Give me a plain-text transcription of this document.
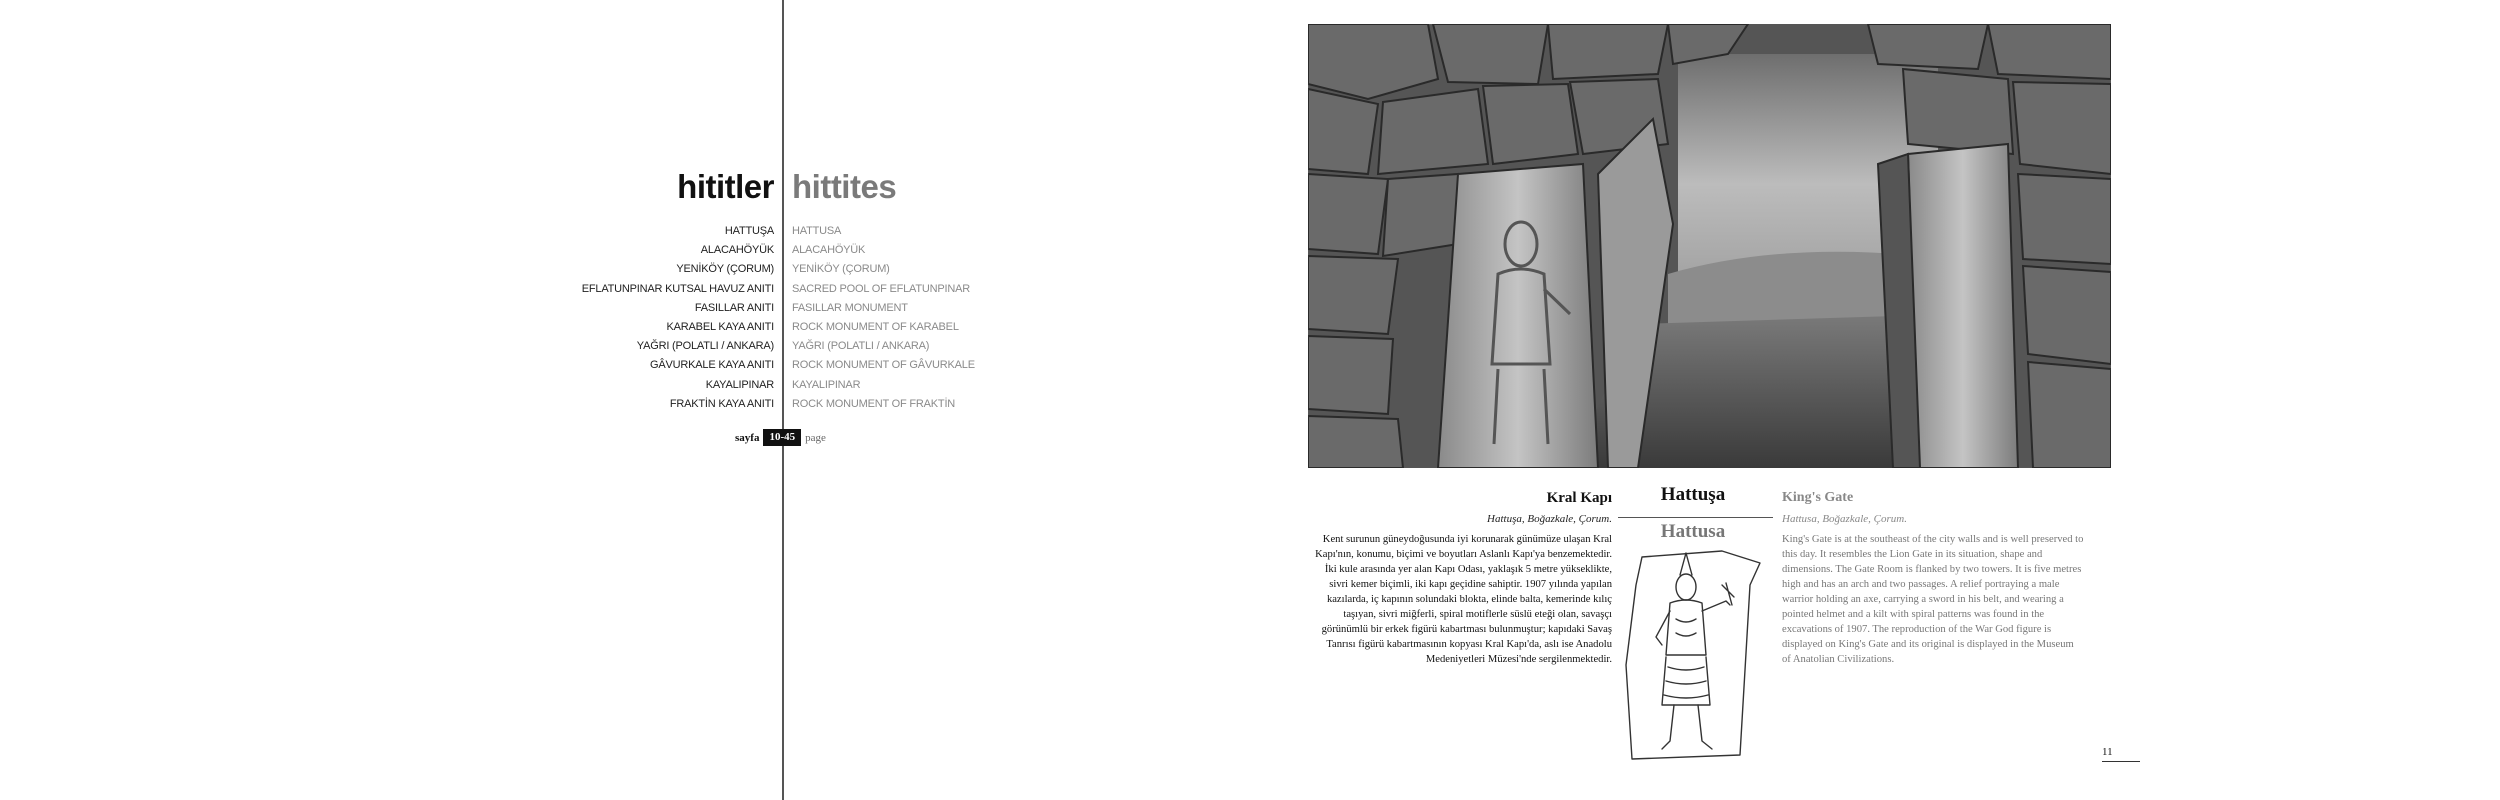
hititler hittites
HATTUŞA
ALACAHÖYÜK
YENİKÖY (ÇORUM)
EFLATUNPINAR KUTSAL HAVUZ ANITI
FASILLAR ANITI
KARABEL KAYA ANITI
YAĞRI (POLATLI / ANKARA)
GÂVURKALE KAYA ANITI
KAYALIPINAR
FRAKTİN KAYA ANITI
HATTUSA
ALACAHÖYÜK
YENİKÖY (ÇORUM)
SACRED POOL OF EFLATUNPINAR
FASILLAR MONUMENT
ROCK MONUMENT OF KARABEL
YAĞRI (POLATLI / ANKARA)
ROCK MONUMENT OF GÂVURKALE
KAYALIPINAR
ROCK MONUMENT OF FRAKTİN
sayfa 10-45 page
Kral Kapı
Hattuşa, Boğazkale, Çorum.

Kent surunun güneydoğusunda iyi korunarak günümüze ulaşan Kral Kapı'nın, konumu, biçimi ve boyutları Aslanlı Kapı'ya benzemektedir. İki kule arasında yer alan Kapı Odası, yaklaşık 5 metre yükseklikte, sivri kemer biçimli, iki kapı geçidine sahiptir. 1907 yılında yapılan kazılarda, iç kapının solundaki blokta, elinde balta, kemerinde kılıç taşıyan, sivri miğferli, spiral motiflerle süslü eteği olan, savaşçı görünümlü bir erkek figürü kabartması bulunmuştur; kapıdaki Savaş Tanrısı figürü kabartmasının kopyası Kral Kapı'da, aslı ise Anadolu Medeniyetleri Müzesi'nde sergilenmektedir.

Hattuşa
Hattusa
King's Gate
Hattusa, Boğazkale, Çorum.

King's Gate is at the southeast of the city walls and is well preserved to this day. It resembles the Lion Gate in its situation, shape and dimensions. The Gate Room is flanked by two towers. It is five metres high and has an arch and two passages. A relief portraying a male warrior holding an axe, carrying a sword in his belt, and wearing a pointed helmet and a kilt with spiral patterns was found in the excavations of 1907. The reproduction of the War God figure is displayed on King's Gate and its original is displayed in the Museum of Anatolian Civilizations.

11
